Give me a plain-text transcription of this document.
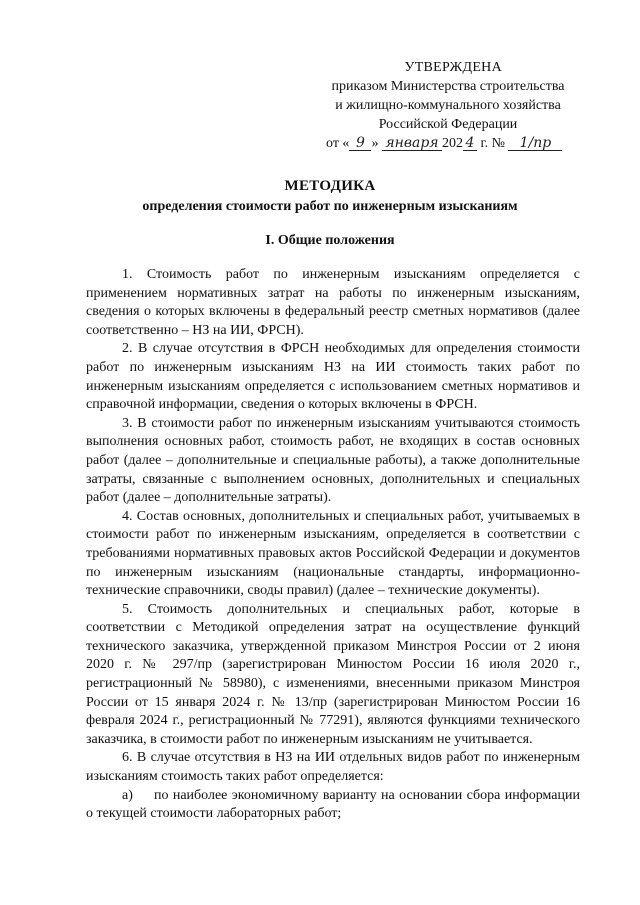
УТВЕРЖДЕНА
приказом Министерства строительства
и жилищно-коммунального хозяйства
Российской Федерации
от « 9 » января 202 4 г. № 1/пр
МЕТОДИКА
определения стоимости работ по инженерным изысканиям
I. Общие положения

1. Стоимость работ по инженерным изысканиям определяется с применением нормативных затрат на работы по инженерным изысканиям, сведения о которых включены в федеральный реестр сметных нормативов (далее соответственно – НЗ на ИИ, ФРСН).

2. В случае отсутствия в ФРСН необходимых для определения стоимости работ по инженерным изысканиям НЗ на ИИ стоимость таких работ по инженерным изысканиям определяется с использованием сметных нормативов и справочной информации, сведения о которых включены в ФРСН.

3. В стоимости работ по инженерным изысканиям учитываются стоимость выполнения основных работ, стоимость работ, не входящих в состав основных работ (далее – дополнительные и специальные работы), а также дополнительные затраты, связанные с выполнением основных, дополнительных и специальных работ (далее – дополнительные затраты).

4. Состав основных, дополнительных и специальных работ, учитываемых в стоимости работ по инженерным изысканиям, определяется в соответствии с требованиями нормативных правовых актов Российской Федерации и документов по инженерным изысканиям (национальные стандарты, информационно-технические справочники, своды правил) (далее – технические документы).

5. Стоимость дополнительных и специальных работ, которые в соответствии с Методикой определения затрат на осуществление функций технического заказчика, утвержденной приказом Минстроя России от 2 июня 2020 г. № 297/пр (зарегистрирован Минюстом России 16 июля 2020 г., регистрационный № 58980), с изменениями, внесенными приказом Минстроя России от 15 января 2024 г. № 13/пр (зарегистрирован Минюстом России 16 февраля 2024 г., регистрационный № 77291), являются функциями технического заказчика, в стоимости работ по инженерным изысканиям не учитывается.

6. В случае отсутствия в НЗ на ИИ отдельных видов работ по инженерным изысканиям стоимость таких работ определяется:

а) по наиболее экономичному варианту на основании сбора информации о текущей стоимости лабораторных работ;
